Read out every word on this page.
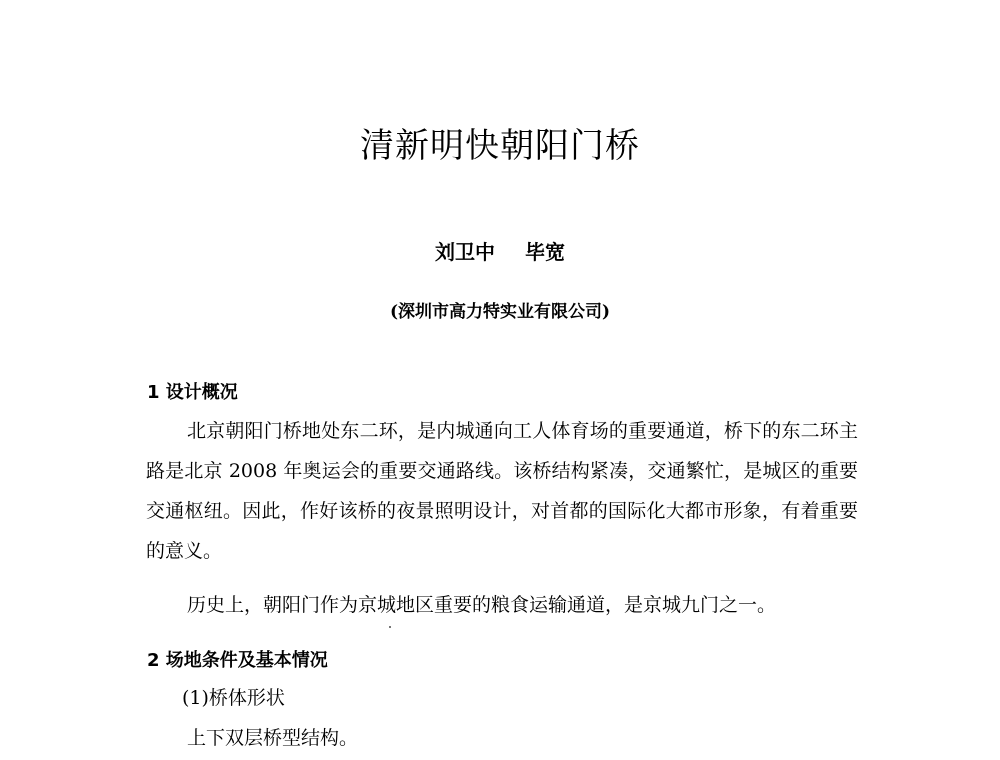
清新明快朝阳门桥
刘卫中 毕宽
(深圳市高力特实业有限公司)
1 设计概况
北京朝阳门桥地处东二环，是内城通向工人体育场的重要通道，桥下的东二环主路是北京 2008 年奥运会的重要交通路线。该桥结构紧凑，交通繁忙，是城区的重要交通枢纽。因此，作好该桥的夜景照明设计，对首都的国际化大都市形象，有着重要的意义。
历史上，朝阳门作为京城地区重要的粮食运输通道，是京城九门之一。
2 场地条件及基本情况
(1)桥体形状
上下双层桥型结构。
